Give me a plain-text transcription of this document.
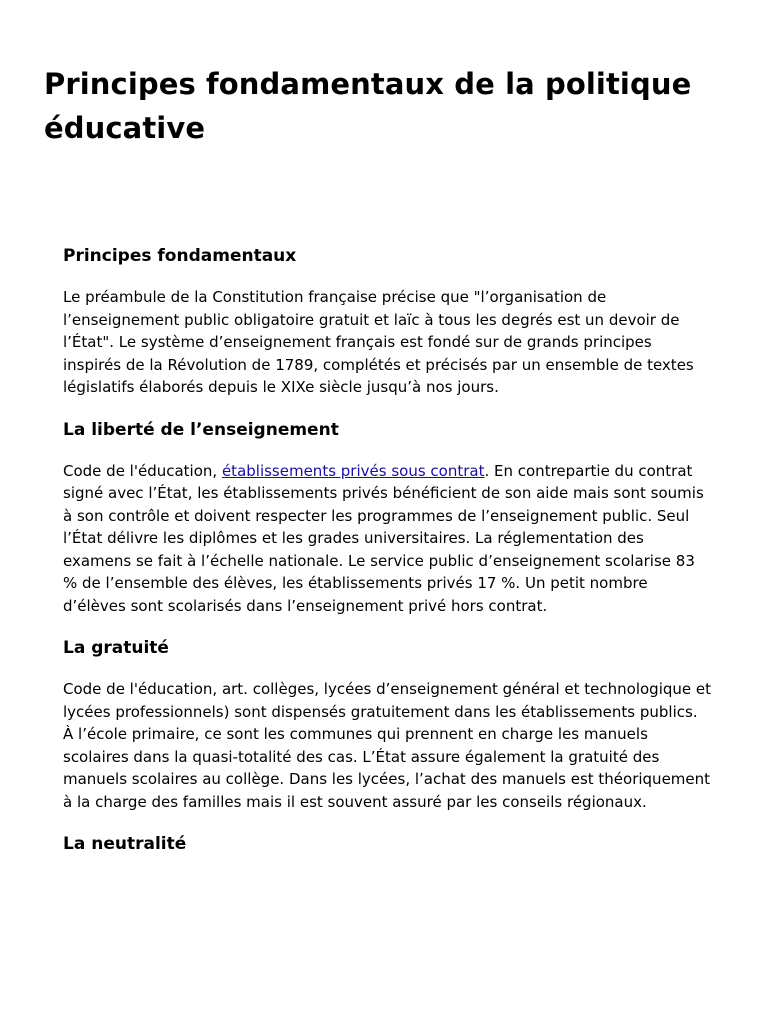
Principes fondamentaux de la politique éducative
Principes fondamentaux

Le préambule de la Constitution française précise que "l’organisation de l’enseignement public obligatoire gratuit et laïc à tous les degrés est un devoir de l’État". Le système d’enseignement français est fondé sur de grands principes inspirés de la Révolution de 1789, complétés et précisés par un ensemble de textes législatifs élaborés depuis le XIXe siècle jusqu’à nos jours.

La liberté de l’enseignement

Code de l'éducation, établissements privés sous contrat. En contrepartie du contrat signé avec l’État, les établissements privés bénéficient de son aide mais sont soumis à son contrôle et doivent respecter les programmes de l’enseignement public. Seul l’État délivre les diplômes et les grades universitaires. La réglementation des examens se fait à l’échelle nationale. Le service public d’enseignement scolarise 83 % de l’ensemble des élèves, les établissements privés 17 %. Un petit nombre d’élèves sont scolarisés dans l’enseignement privé hors contrat.

La gratuité

Code de l'éducation, art. collèges, lycées d’enseignement général et technologique et lycées professionnels) sont dispensés gratuitement dans les établissements publics. À l’école primaire, ce sont les communes qui prennent en charge les manuels scolaires dans la quasi-totalité des cas. L’État assure également la gratuité des manuels scolaires au collège. Dans les lycées, l’achat des manuels est théoriquement à la charge des familles mais il est souvent assuré par les conseils régionaux.

La neutralité
